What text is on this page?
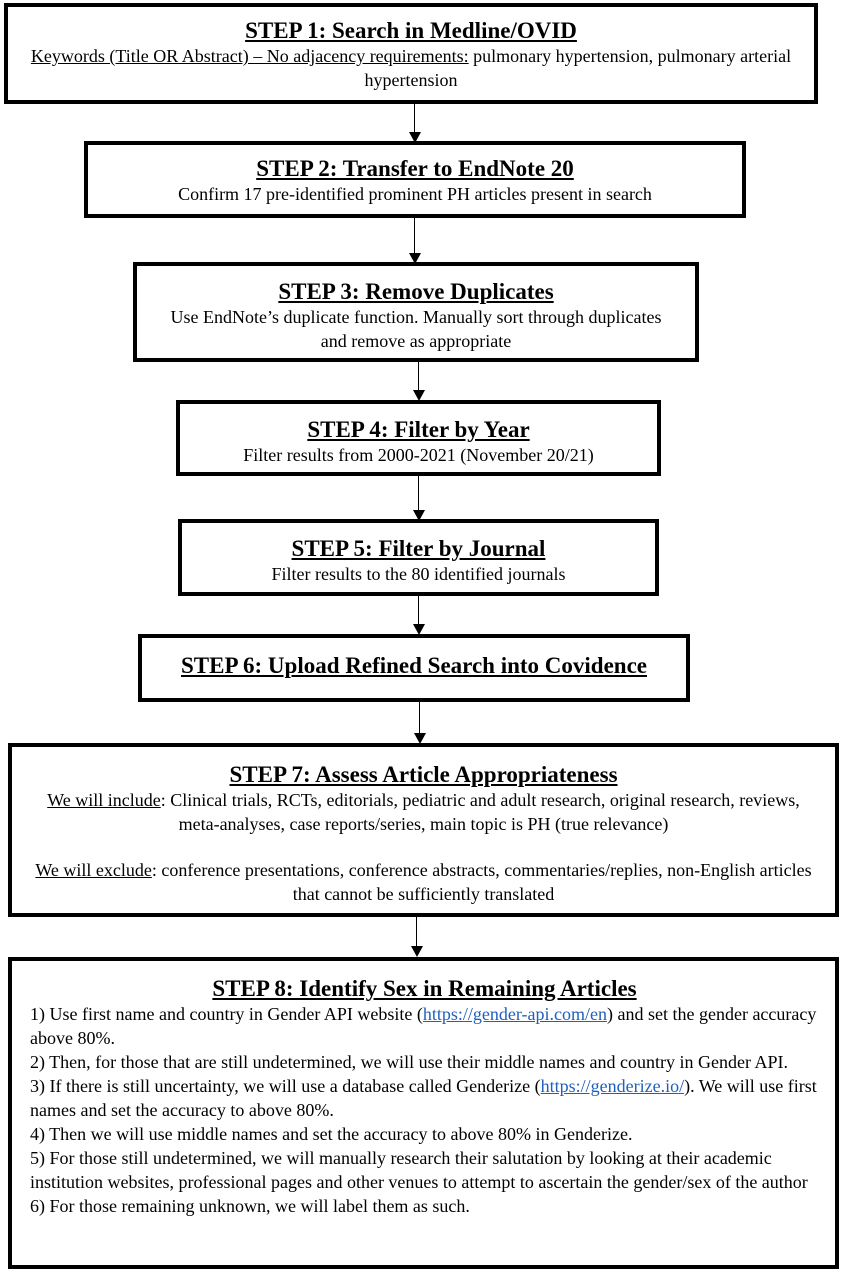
STEP 1: Search in Medline/OVID

Keywords (Title OR Abstract) – No adjacency requirements: pulmonary hypertension, pulmonary arterial hypertension

STEP 2: Transfer to EndNote 20

Confirm 17 pre-identified prominent PH articles present in search

STEP 3: Remove Duplicates

Use EndNote’s duplicate function. Manually sort through duplicates and remove as appropriate

STEP 4: Filter by Year

Filter results from 2000-2021 (November 20/21)

STEP 5: Filter by Journal

Filter results to the 80 identified journals

STEP 6: Upload Refined Search into Covidence
STEP 7: Assess Article Appropriateness

We will include: Clinical trials, RCTs, editorials, pediatric and adult research, original research, reviews, meta-analyses, case reports/series, main topic is PH (true relevance)

We will exclude: conference presentations, conference abstracts, commentaries/replies, non-English articles that cannot be sufficiently translated

STEP 8: Identify Sex in Remaining Articles

1) Use first name and country in Gender API website (https://gender-api.com/en) and set the gender accuracy above 80%.

2) Then, for those that are still undetermined, we will use their middle names and country in Gender API.

3) If there is still uncertainty, we will use a database called Genderize (https://genderize.io/). We will use first names and set the accuracy to above 80%.

4) Then we will use middle names and set the accuracy to above 80% in Genderize.

5) For those still undetermined, we will manually research their salutation by looking at their academic institution websites, professional pages and other venues to attempt to ascertain the gender/sex of the author

6) For those remaining unknown, we will label them as such.
